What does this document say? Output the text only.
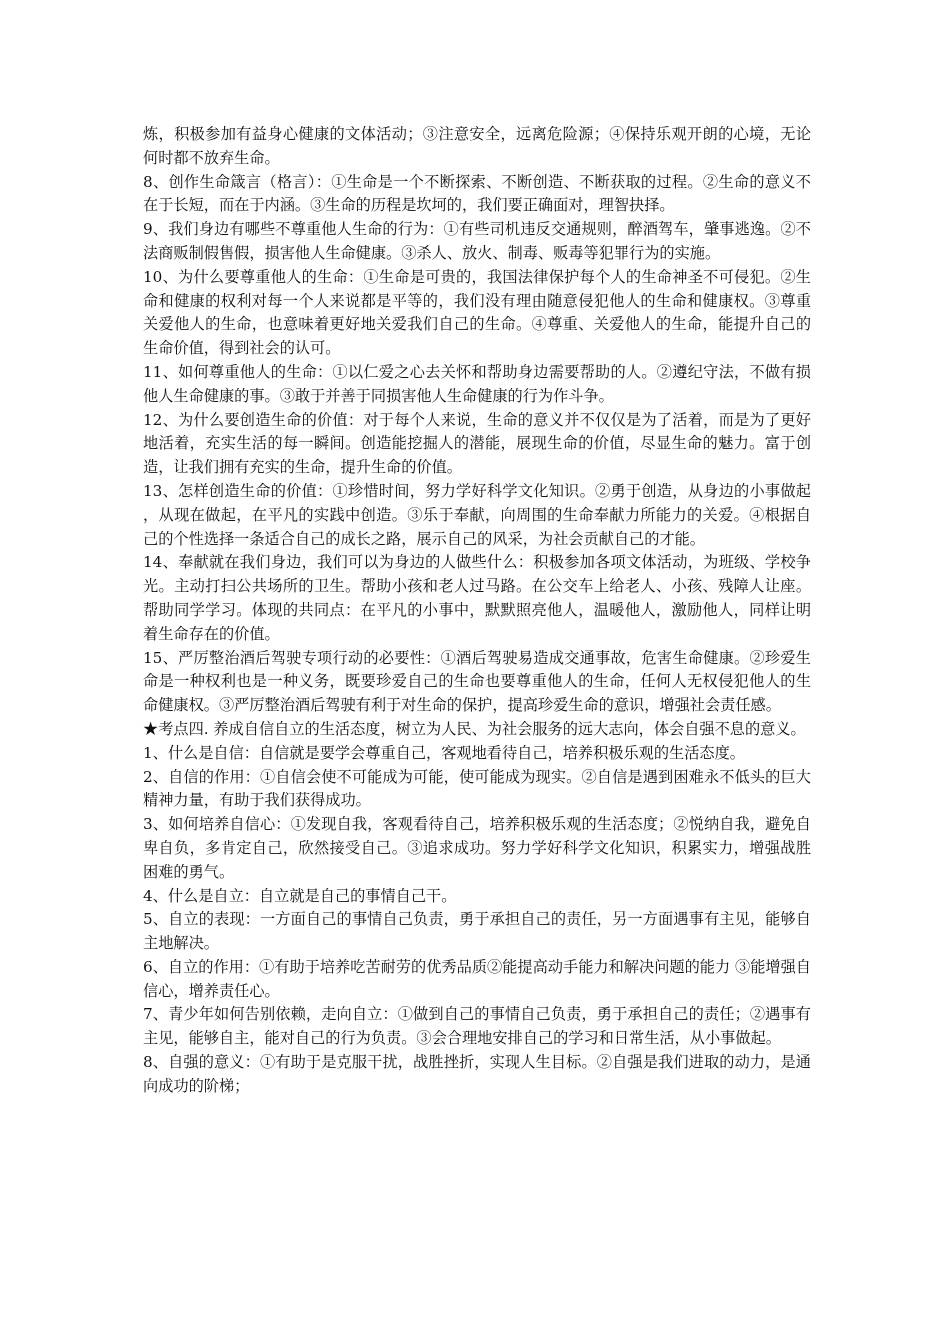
炼，积极参加有益身心健康的文体活动；③注意安全，远离危险源；④保持乐观开朗的心境，无论何时都不放弃生命。

8、创作生命箴言（格言）：①生命是一个不断探索、不断创造、不断获取的过程。②生命的意义不在于长短，而在于内涵。③生命的历程是坎坷的，我们要正确面对，理智抉择。

9、我们身边有哪些不尊重他人生命的行为：①有些司机违反交通规则，醉酒驾车，肇事逃逸。②不法商贩制假售假，损害他人生命健康。③杀人、放火、制毒、贩毒等犯罪行为的实施。

10、为什么要尊重他人的生命：①生命是可贵的，我国法律保护每个人的生命神圣不可侵犯。②生命和健康的权利对每一个人来说都是平等的，我们没有理由随意侵犯他人的生命和健康权。③尊重关爱他人的生命，也意味着更好地关爱我们自己的生命。④尊重、关爱他人的生命，能提升自己的生命价值，得到社会的认可。

11、如何尊重他人的生命：①以仁爱之心去关怀和帮助身边需要帮助的人。②遵纪守法，不做有损他人生命健康的事。③敢于并善于同损害他人生命健康的行为作斗争。

12、为什么要创造生命的价值：对于每个人来说，生命的意义并不仅仅是为了活着，而是为了更好地活着，充实生活的每一瞬间。创造能挖掘人的潜能，展现生命的价值，尽显生命的魅力。富于创造，让我们拥有充实的生命，提升生命的价值。

13、怎样创造生命的价值：①珍惜时间，努力学好科学文化知识。②勇于创造，从身边的小事做起，从现在做起，在平凡的实践中创造。③乐于奉献，向周围的生命奉献力所能力的关爱。④根据自己的个性选择一条适合自己的成长之路，展示自己的风采，为社会贡献自己的才能。

14、奉献就在我们身边，我们可以为身边的人做些什么：积极参加各项文体活动，为班级、学校争光。主动打扫公共场所的卫生。帮助小孩和老人过马路。在公交车上给老人、小孩、残障人让座。帮助同学学习。体现的共同点：在平凡的小事中，默默照亮他人，温暖他人，激励他人，同样让明着生命存在的价值。

15、严厉整治酒后驾驶专项行动的必要性：①酒后驾驶易造成交通事故，危害生命健康。②珍爱生命是一种权利也是一种义务，既要珍爱自己的生命也要尊重他人的生命，任何人无权侵犯他人的生命健康权。③严厉整治酒后驾驶有利于对生命的保护，提高珍爱生命的意识，增强社会责任感。

★考点四. 养成自信自立的生活态度，树立为人民、为社会服务的远大志向，体会自强不息的意义。

1、什么是自信：自信就是要学会尊重自己，客观地看待自己，培养积极乐观的生活态度。

2、自信的作用：①自信会使不可能成为可能，使可能成为现实。②自信是遇到困难永不低头的巨大精神力量，有助于我们获得成功。

3、如何培养自信心：①发现自我，客观看待自己，培养积极乐观的生活态度；②悦纳自我，避免自卑自负，多肯定自己，欣然接受自己。③追求成功。努力学好科学文化知识，积累实力，增强战胜困难的勇气。

4、什么是自立：自立就是自己的事情自己干。

5、自立的表现：一方面自己的事情自己负责，勇于承担自己的责任，另一方面遇事有主见，能够自主地解决。

6、自立的作用：①有助于培养吃苦耐劳的优秀品质②能提高动手能力和解决问题的能力 ③能增强自信心，增养责任心。

7、青少年如何告别依赖，走向自立：①做到自己的事情自己负责，勇于承担自己的责任；②遇事有主见，能够自主，能对自己的行为负责。③会合理地安排自己的学习和日常生活，从小事做起。

8、自强的意义：①有助于是克服干扰，战胜挫折，实现人生目标。②自强是我们进取的动力，是通向成功的阶梯；
